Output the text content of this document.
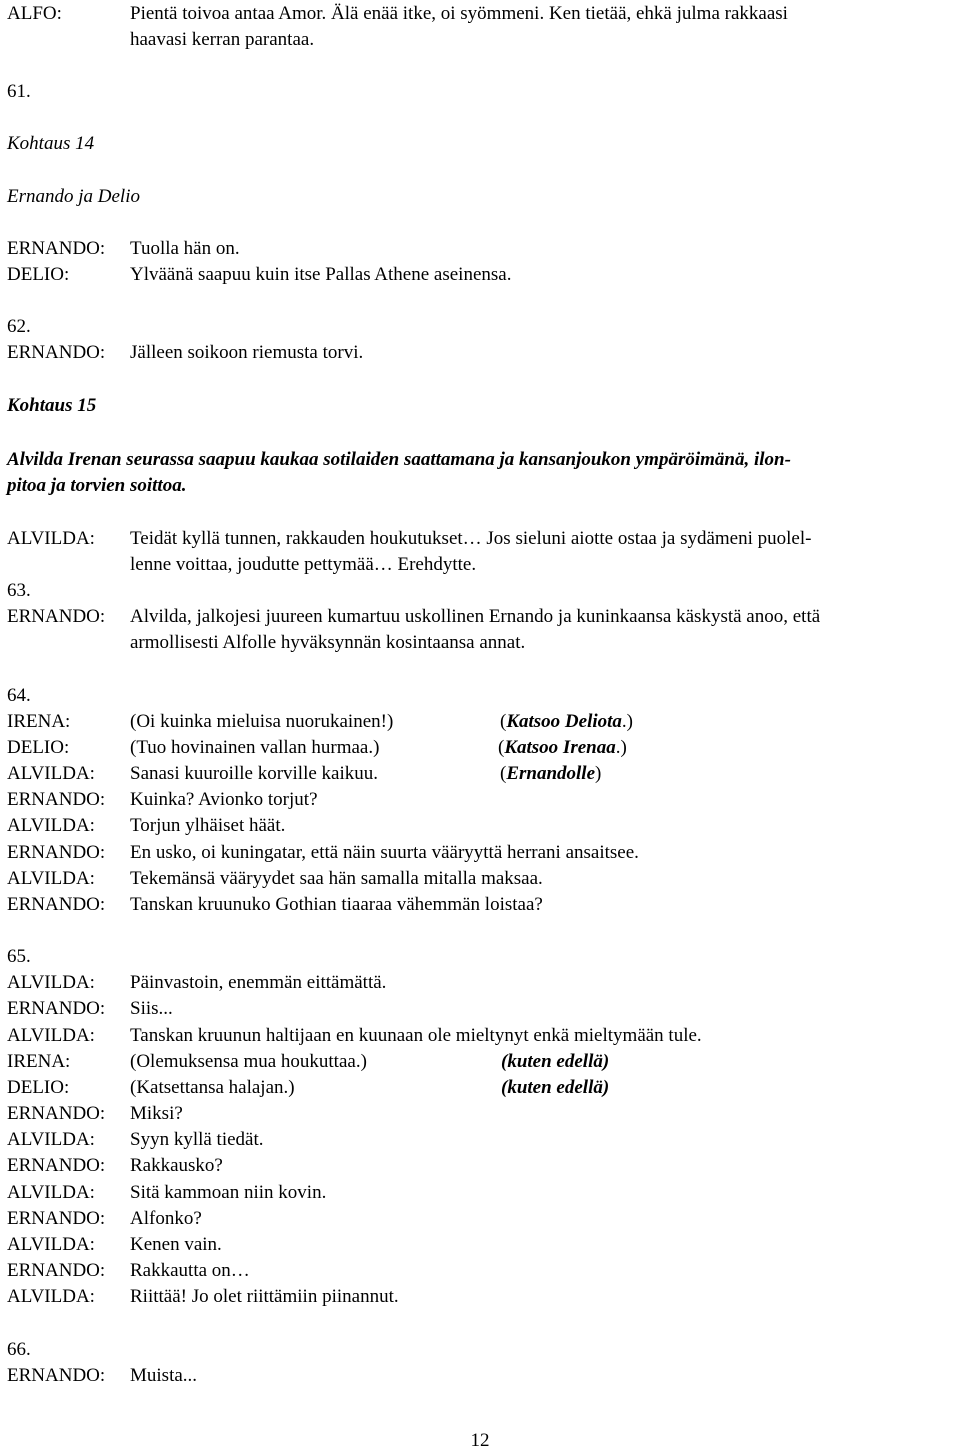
ALFO:	Pientä toivoa antaa Amor. Älä enää itke, oi syömmeni. Ken tietää, ehkä julma rakkaasi
haavasi kerran parantaa.
61.
Kohtaus 14
Ernando ja Delio
ERNANDO: Tuolla hän on.
DELIO:	Ylväänä saapuu kuin itse Pallas Athene aseinensa.
62.
ERNANDO: Jälleen soikoon riemusta torvi.
Kohtaus 15
Alvilda Irenan seurassa saapuu kaukaa sotilaiden saattamana ja kansanjoukon ympäröimänä, ilon-
pitoa ja torvien soittoa.
ALVILDA: Teidät kyllä tunnen, rakkauden houkutukset… Jos sieluni aiotte ostaa ja sydämeni puolel-
lenne voittaa, joudutte pettymää… Erehdytte.
63.
ERNANDO: Alvilda, jalkojesi juureen kumartuu uskollinen Ernando ja kuninkaansa käskystä anoo, että
armollisesti Alfolle hyväksynnän kosintaansa annat.
64.
IRENA:	(Oi kuinka mieluisa nuorukainen!)	(Katsoo Deliota.)
DELIO:	(Tuo hovinainen vallan hurmaa.)	(Katsoo Irenaa.)
ALVILDA: Sanasi kuuroille korville kaikuu.	(Ernandolle)
ERNANDO: Kuinka? Avionko torjut?
ALVILDA: Torjun ylhäiset häät.
ERNANDO: En usko, oi kuningatar, että näin suurta vääryyttä herrani ansaitsee.
ALVILDA: Tekemänsä vääryydet saa hän samalla mitalla maksaa.
ERNANDO: Tanskan kruunuko Gothian tiaaraa vähemmän loistaa?
65.
ALVILDA: Päinvastoin, enemmän eittämättä.
ERNANDO: Siis...
ALVILDA: Tanskan kruunun haltijaan en kuunaan ole mieltynyt enkä mieltymään tule.
IRENA:	(Olemuksensa mua houkuttaa.)	(kuten edellä)
DELIO:	(Katsettansa halajan.)	(kuten edellä)
ERNANDO: Miksi?
ALVILDA: Syyn kyllä tiedät.
ERNANDO: Rakkausko?
ALVILDA: Sitä kammoan niin kovin.
ERNANDO: Alfonko?
ALVILDA: Kenen vain.
ERNANDO: Rakkautta on…
ALVILDA: Riittää! Jo olet riittämiin piinannut.
66.
ERNANDO: Muista...
12
